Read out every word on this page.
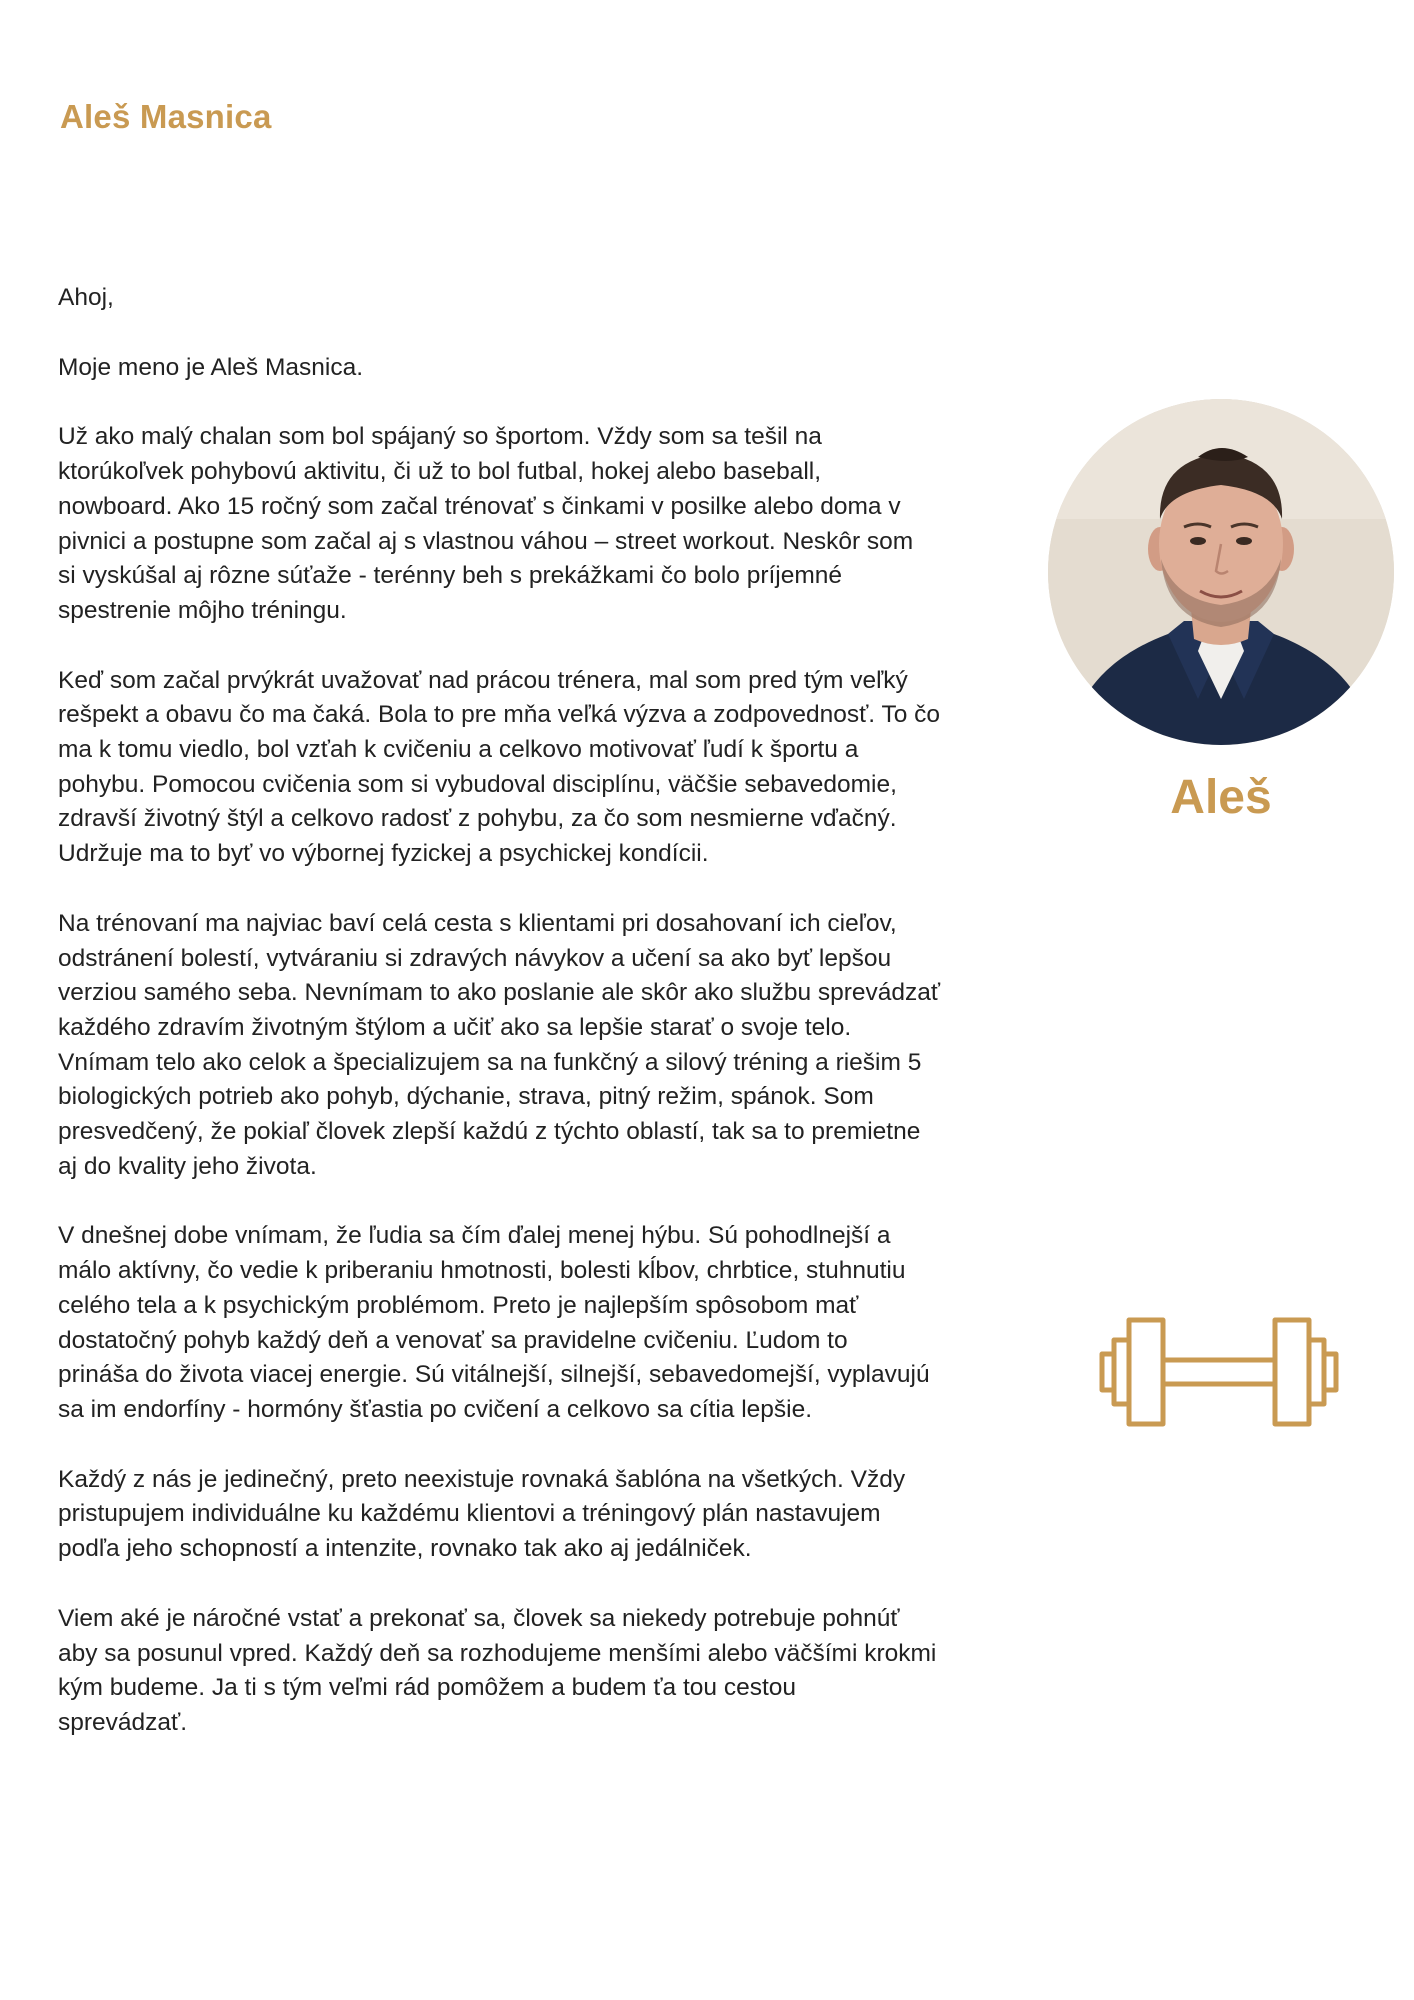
Aleš Masnica

Ahoj,

Moje meno je Aleš Masnica.

Už ako malý chalan som bol spájaný so športom. Vždy som sa tešil na
ktorúkoľvek pohybovú aktivitu, či už to bol futbal, hokej alebo baseball,
nowboard. Ako 15 ročný som začal trénovať s činkami v posilke alebo doma v
pivnici a postupne som začal aj s vlastnou váhou – street workout. Neskôr som
si vyskúšal aj rôzne súťaže - terénny beh s prekážkami čo bolo príjemné
spestrenie môjho tréningu.

Keď som začal prvýkrát uvažovať nad prácou trénera, mal som pred tým veľký
rešpekt a obavu čo ma čaká. Bola to pre mňa veľká výzva a zodpovednosť. To čo
ma k tomu viedlo, bol vzťah k cvičeniu a celkovo motivovať ľudí k športu a
pohybu. Pomocou cvičenia som si vybudoval disciplínu, väčšie sebavedomie,
zdravší životný štýl a celkovo radosť z pohybu, za čo som nesmierne vďačný.
Udržuje ma to byť vo výbornej fyzickej a psychickej kondícii.

Na trénovaní ma najviac baví celá cesta s klientami pri dosahovaní ich cieľov,
odstránení bolestí, vytváraniu si zdravých návykov a učení sa ako byť lepšou
verziou samého seba. Nevnímam to ako poslanie ale skôr ako službu sprevádzať
každého zdravím životným štýlom a učiť ako sa lepšie starať o svoje telo.
Vnímam telo ako celok a špecializujem sa na funkčný a silový tréning a riešim 5
biologických potrieb ako pohyb, dýchanie, strava, pitný režim, spánok. Som
presvedčený, že pokiaľ človek zlepší každú z týchto oblastí, tak sa to premietne
aj do kvality jeho života.

V dnešnej dobe vnímam, že ľudia sa čím ďalej menej hýbu. Sú pohodlnejší a
málo aktívny, čo vedie k priberaniu hmotnosti, bolesti kĺbov, chrbtice, stuhnutiu
celého tela a k psychickým problémom. Preto je najlepším spôsobom mať
dostatočný pohyb každý deň a venovať sa pravidelne cvičeniu. Ľudom to
prináša do života viacej energie. Sú vitálnejší, silnejší, sebavedomejší, vyplavujú
sa im endorfíny - hormóny šťastia po cvičení a celkovo sa cítia lepšie.

Každý z nás je jedinečný, preto neexistuje rovnaká šablóna na všetkých. Vždy
pristupujem individuálne ku každému klientovi a tréningový plán nastavujem
podľa jeho schopností a intenzite, rovnako tak ako aj jedálniček.

Viem aké je náročné vstať a prekonať sa, človek sa niekedy potrebuje pohnúť
aby sa posunul vpred. Každý deň sa rozhodujeme menšími alebo väčšími krokmi
kým budeme. Ja ti s tým veľmi rád pomôžem a budem ťa tou cestou
sprevádzať.

Aleš
